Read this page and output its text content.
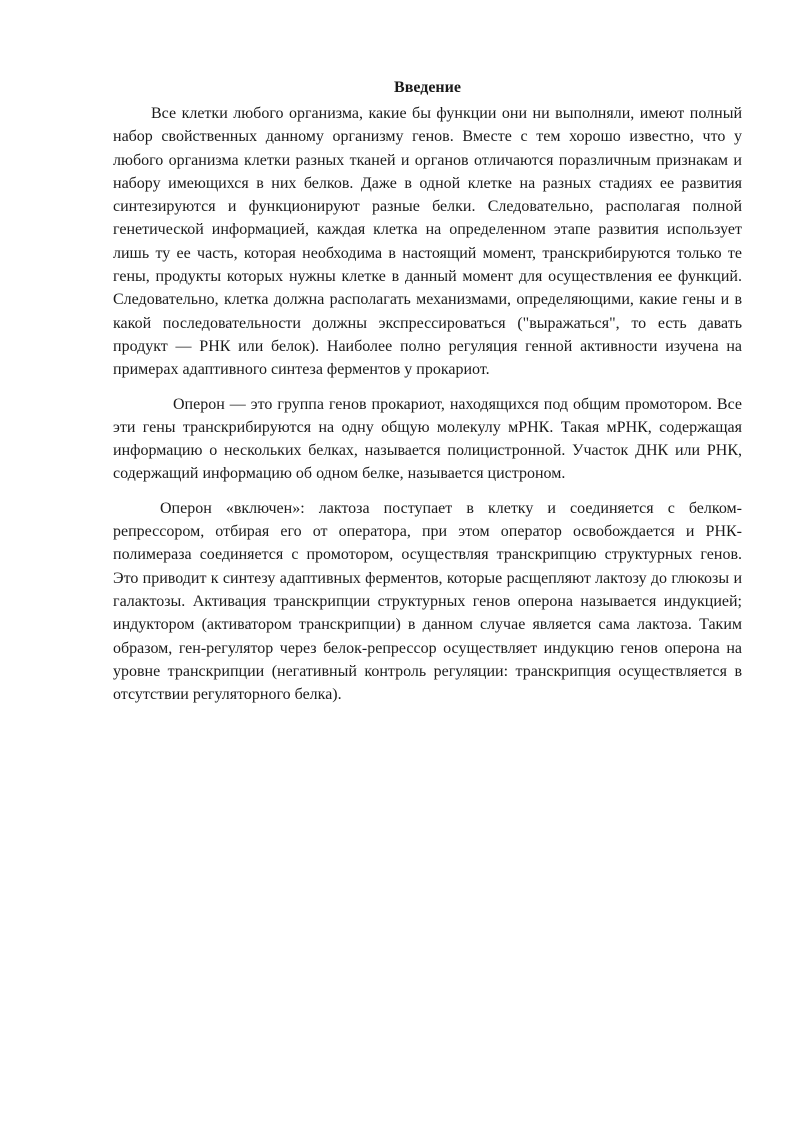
Введение

Все клетки любого организма, какие бы функции они ни выполняли, имеют полный набор свойственных данному организму генов. Вместе с тем хорошо известно, что у любого организма клетки разных тканей и органов отличаются поразличным признакам и набору имеющихся в них белков. Даже в одной клетке на разных стадиях ее развития синтезируются и функционируют разные белки. Следовательно, располагая полной генетической информацией, каждая клетка на определенном этапе развития использует лишь ту ее часть, которая необходима в настоящий момент, транскрибируются только те гены, продукты которых нужны клетке в данный момент для осуществления ее функций. Следовательно, клетка должна располагать механизмами, определяющими, какие гены и в какой последовательности должны экспрессироваться ("выражаться", то есть давать продукт — РНК или белок). Наиболее полно регуляция генной активности изучена на примерах адаптивного синтеза ферментов у прокариот.

Оперон — это группа генов прокариот, находящихся под общим промотором. Все эти гены транскрибируются на одну общую молекулу мРНК. Такая мРНК, содержащая информацию о нескольких белках, называется полицистронной. Участок ДНК или РНК, содержащий информацию об одном белке, называется цистроном.

Оперон «включен»: лактоза поступает в клетку и соединяется с белком-репрессором, отбирая его от оператора, при этом оператор освобождается и РНК-полимераза соединяется с промотором, осуществляя транскрипцию структурных генов. Это приводит к синтезу адаптивных ферментов, которые расщепляют лактозу до глюкозы и галактозы. Активация транскрипции структурных генов оперона называется индукцией; индуктором (активатором транскрипции) в данном случае является сама лактоза. Таким образом, ген-регулятор через белок-репрессор осуществляет индукцию генов оперона на уровне транскрипции (негативный контроль регуляции: транскрипция осуществляется в отсутствии регуляторного белка).
